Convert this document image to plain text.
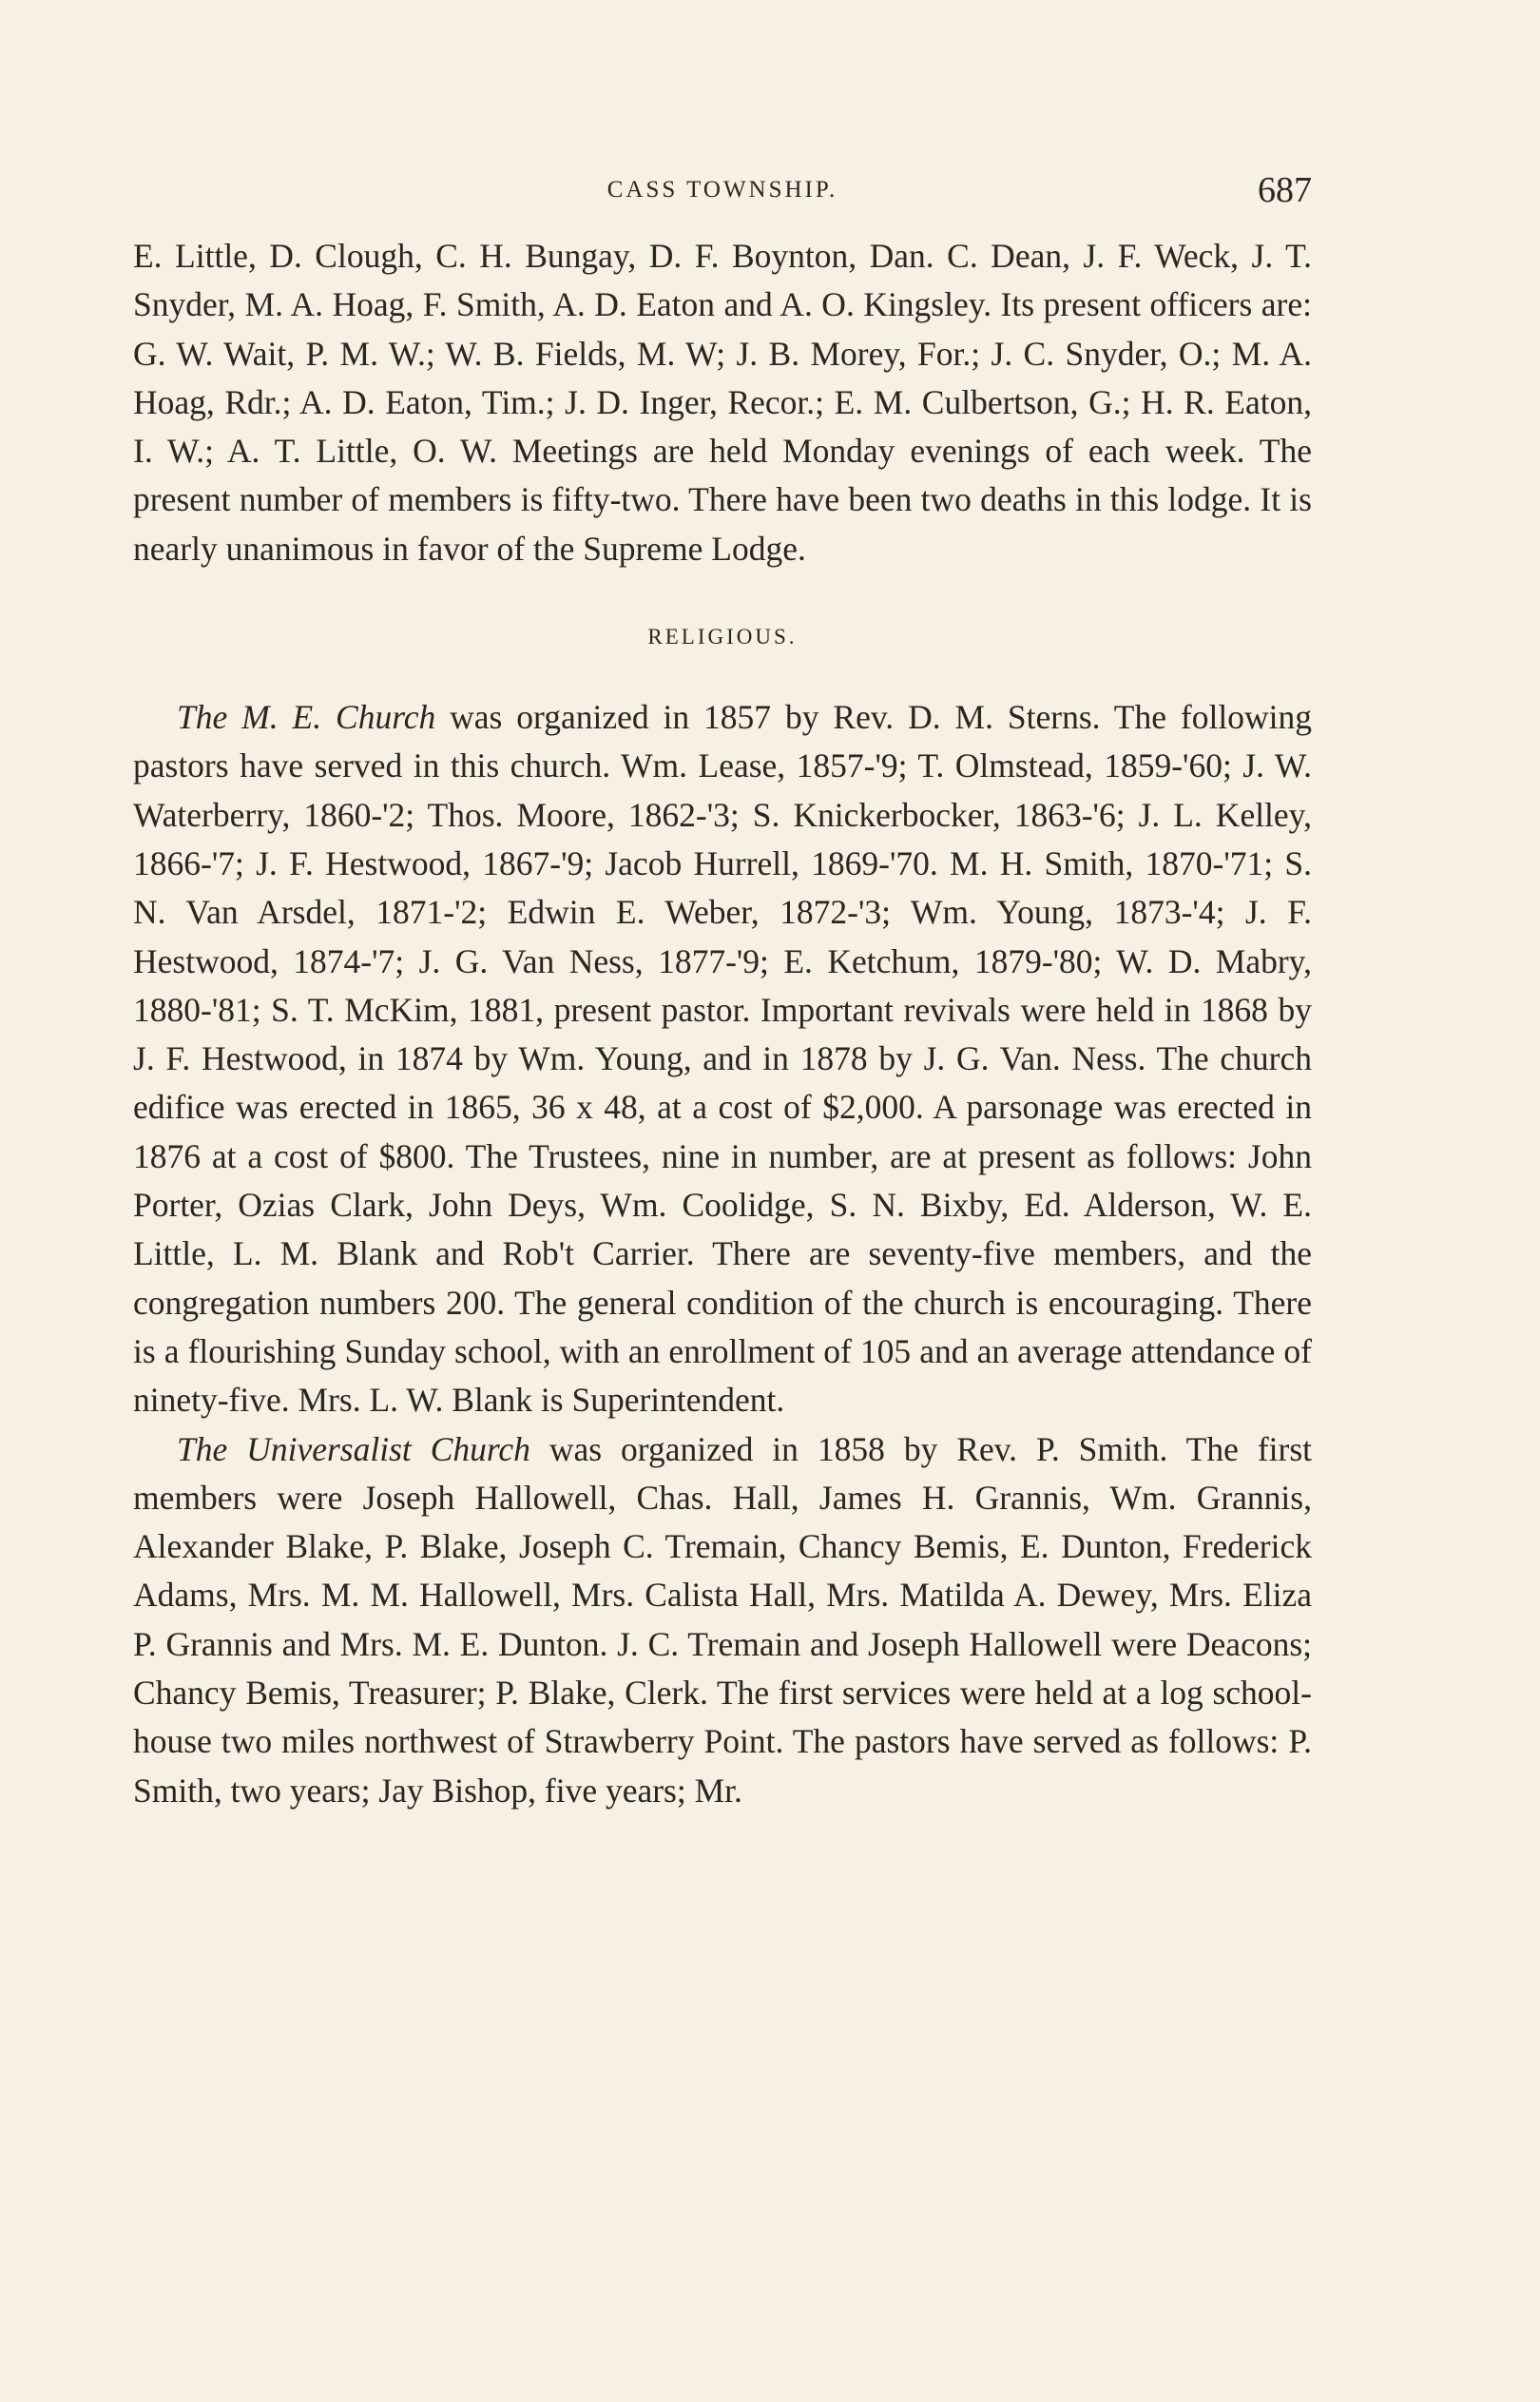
CASS TOWNSHIP.	687

E. Little, D. Clough, C. H. Bungay, D. F. Boynton, Dan. C. Dean, J. F. Weck, J. T. Snyder, M. A. Hoag, F. Smith, A. D. Eaton and A. O. Kingsley. Its present officers are: G. W. Wait, P. M. W.; W. B. Fields, M. W; J. B. Morey, For.; J. C. Snyder, O.; M. A. Hoag, Rdr.; A. D. Eaton, Tim.; J. D. Inger, Recor.; E. M. Culbertson, G.; H. R. Eaton, I. W.; A. T. Little, O. W. Meetings are held Monday evenings of each week. The present number of members is fifty-two. There have been two deaths in this lodge. It is nearly unanimous in favor of the Supreme Lodge.

RELIGIOUS.

The M. E. Church was organized in 1857 by Rev. D. M. Sterns. The following pastors have served in this church. Wm. Lease, 1857-'9; T. Olmstead, 1859-'60; J. W. Waterberry, 1860-'2; Thos. Moore, 1862-'3; S. Knickerbocker, 1863-'6; J. L. Kelley, 1866-'7; J. F. Hestwood, 1867-'9; Jacob Hurrell, 1869-'70. M. H. Smith, 1870-'71; S. N. Van Arsdel, 1871-'2; Edwin E. Weber, 1872-'3; Wm. Young, 1873-'4; J. F. Hestwood, 1874-'7; J. G. Van Ness, 1877-'9; E. Ketchum, 1879-'80; W. D. Mabry, 1880-'81; S. T. McKim, 1881, present pastor. Important revivals were held in 1868 by J. F. Hestwood, in 1874 by Wm. Young, and in 1878 by J. G. Van. Ness. The church edifice was erected in 1865, 36 x 48, at a cost of $2,000. A parsonage was erected in 1876 at a cost of $800. The Trustees, nine in number, are at present as follows: John Porter, Ozias Clark, John Deys, Wm. Coolidge, S. N. Bixby, Ed. Alderson, W. E. Little, L. M. Blank and Rob't Carrier. There are seventy-five members, and the congregation numbers 200. The general condition of the church is encouraging. There is a flourishing Sunday school, with an enrollment of 105 and an average attendance of ninety-five. Mrs. L. W. Blank is Superintendent.

The Universalist Church was organized in 1858 by Rev. P. Smith. The first members were Joseph Hallowell, Chas. Hall, James H. Grannis, Wm. Grannis, Alexander Blake, P. Blake, Joseph C. Tremain, Chancy Bemis, E. Dunton, Frederick Adams, Mrs. M. M. Hallowell, Mrs. Calista Hall, Mrs. Matilda A. Dewey, Mrs. Eliza P. Grannis and Mrs. M. E. Dunton. J. C. Tremain and Joseph Hallowell were Deacons; Chancy Bemis, Treasurer; P. Blake, Clerk. The first services were held at a log school-house two miles northwest of Strawberry Point. The pastors have served as follows: P. Smith, two years; Jay Bishop, five years; Mr.
